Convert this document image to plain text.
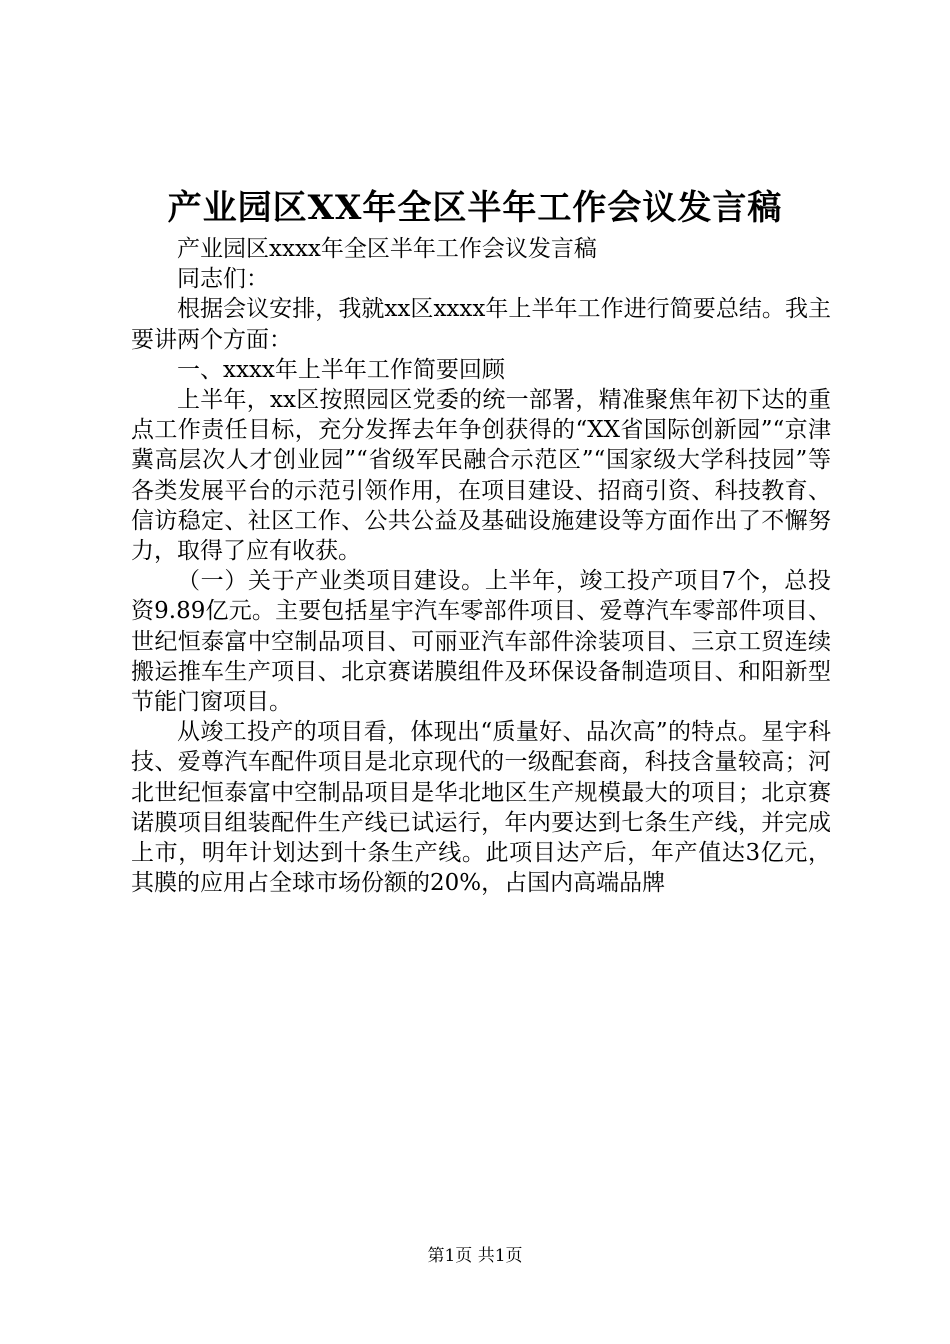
产业园区XX年全区半年工作会议发言稿

产业园区xxxx年全区半年工作会议发言稿

同志们：

根据会议安排，我就xx区xxxx年上半年工作进行简要总结。我主要讲两个方面：

一、xxxx年上半年工作简要回顾

上半年，xx区按照园区党委的统一部署，精准聚焦年初下达的重点工作责任目标，充分发挥去年争创获得的“XX省国际创新园”“京津冀高层次人才创业园”“省级军民融合示范区”“国家级大学科技园”等各类发展平台的示范引领作用，在项目建设、招商引资、科技教育、信访稳定、社区工作、公共公益及基础设施建设等方面作出了不懈努力，取得了应有收获。

（一）关于产业类项目建设。上半年，竣工投产项目7个，总投资9.89亿元。主要包括星宇汽车零部件项目、爱尊汽车零部件项目、世纪恒泰富中空制品项目、可丽亚汽车部件涂装项目、三京工贸连续搬运推车生产项目、北京赛诺膜组件及环保设备制造项目、和阳新型节能门窗项目。

从竣工投产的项目看，体现出“质量好、品次高”的特点。星宇科技、爱尊汽车配件项目是北京现代的一级配套商，科技含量较高；河北世纪恒泰富中空制品项目是华北地区生产规模最大的项目；北京赛诺膜项目组装配件生产线已试运行，年内要达到七条生产线，并完成上市，明年计划达到十条生产线。此项目达产后，年产值达3亿元，其膜的应用占全球市场份额的20%，占国内高端品牌

第1页 共1页
